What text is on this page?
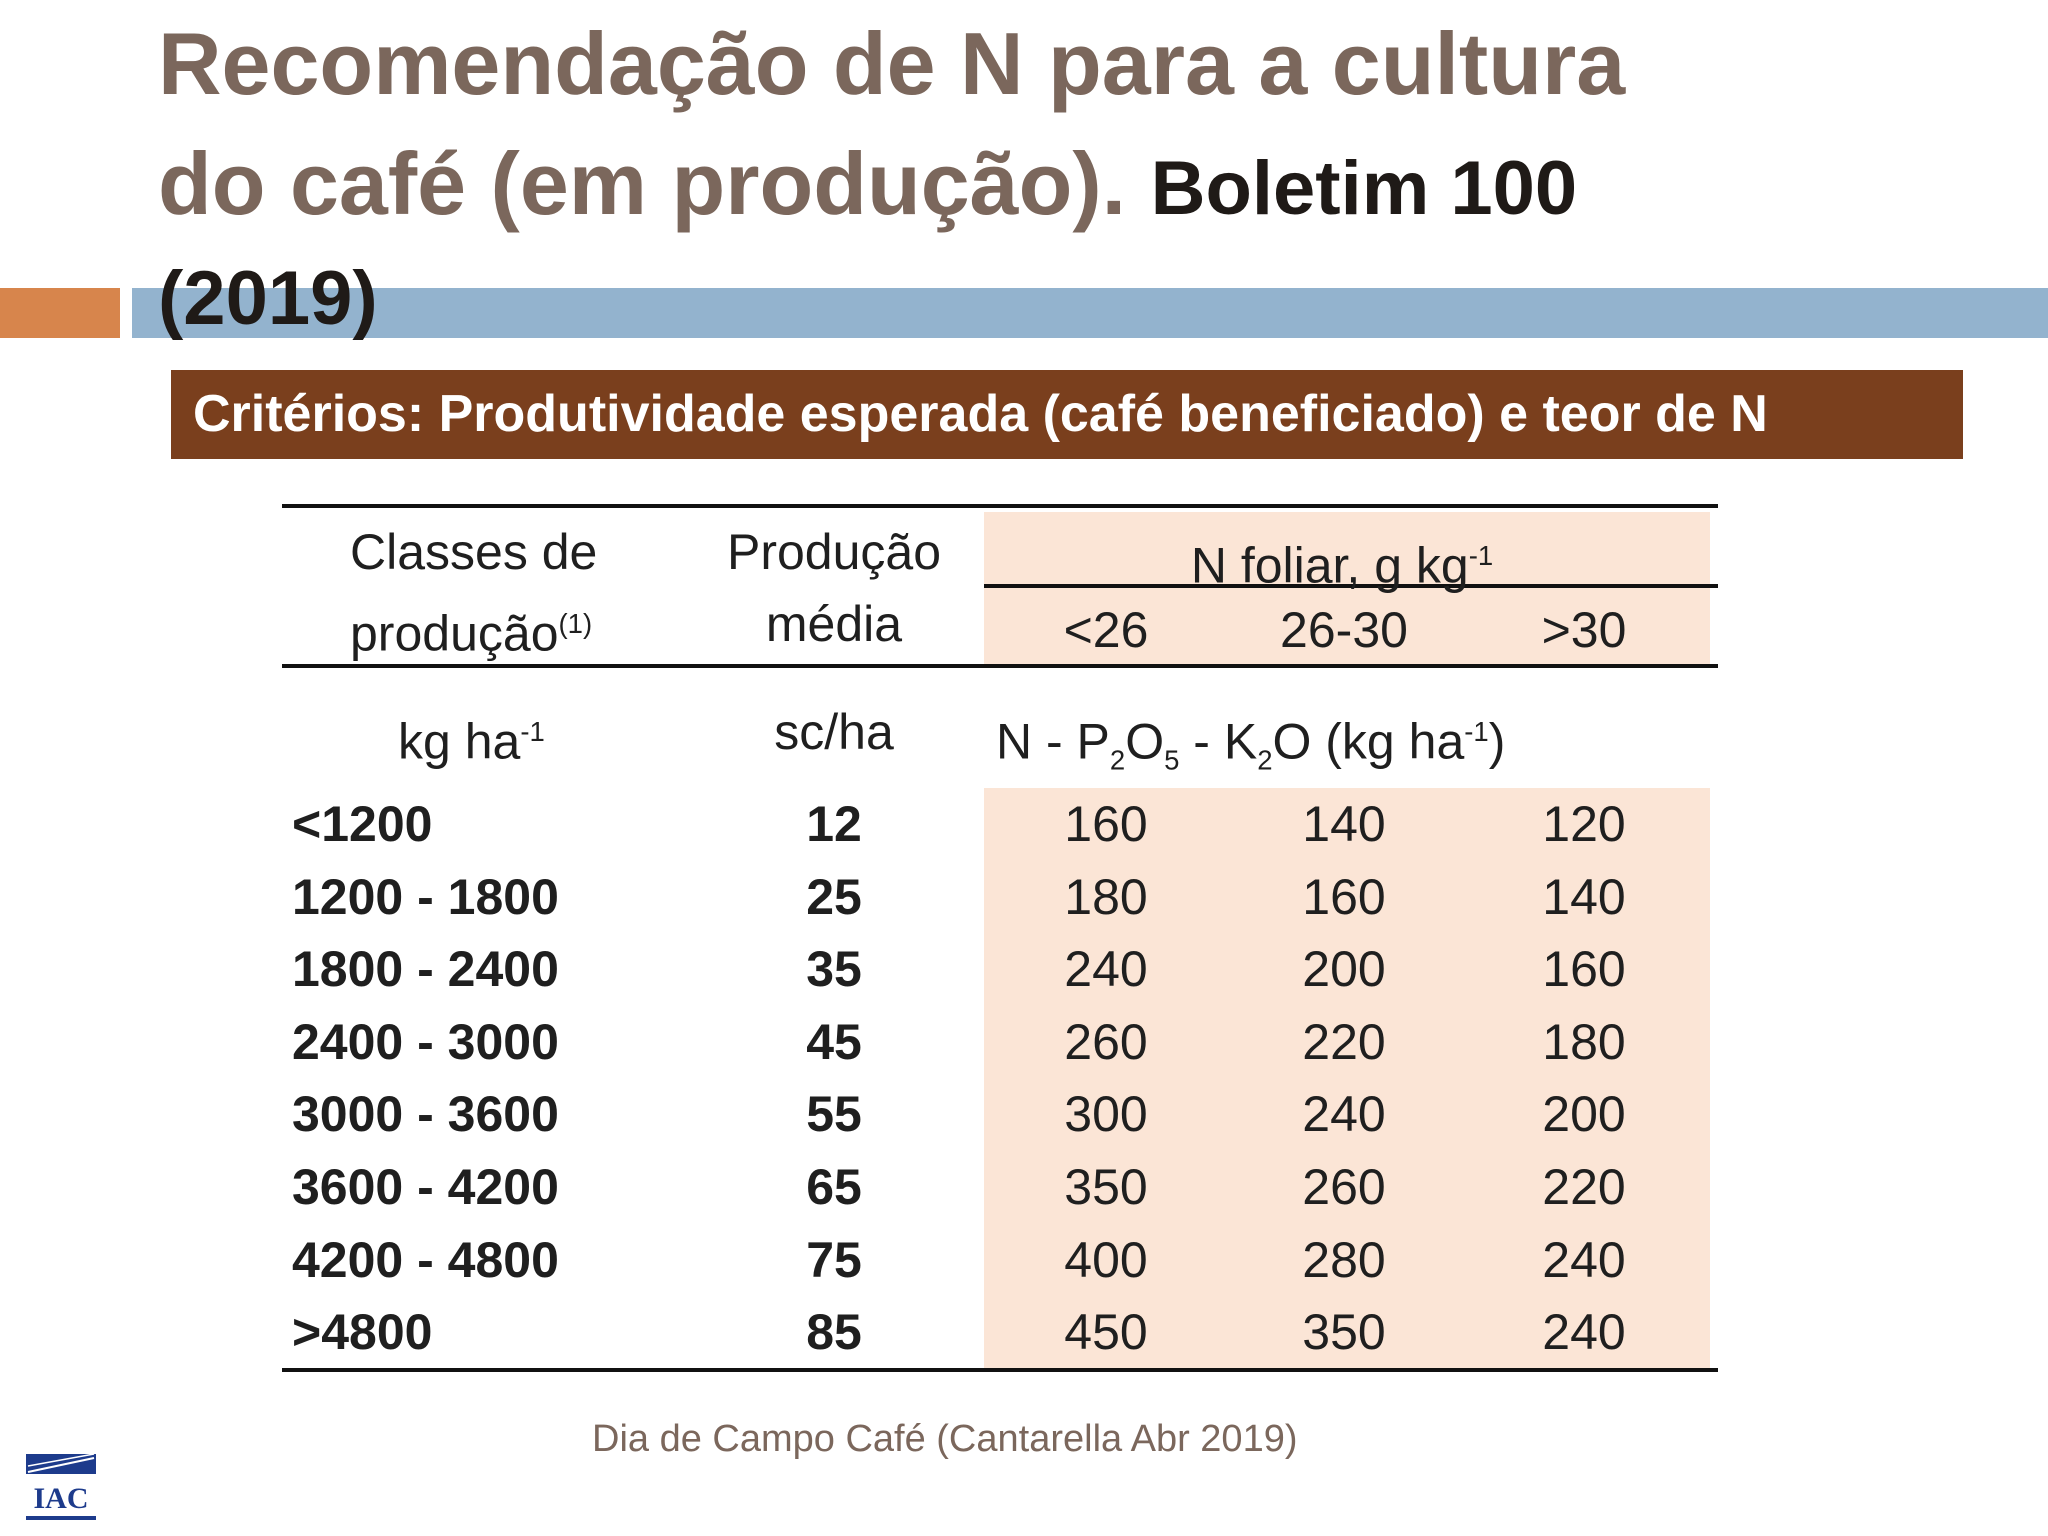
Recomendação de N para a cultura
do café (em produção). Boletim 100
(2019)
Critérios: Produtividade esperada (café beneficiado) e teor de N
Classes de
produção$^{(1)}$
Produção
média
N foliar, g $kg^{-1}$
<26	26-30	>30
kg $ha^{-1}$	sc/ha N - $P_2O_5 - K_2O$ (kg $ha^{-1}$)
<1200	12	160	140	120
1200 - 1800	25	180	160	140
1800 - 2400	35	240	200	160
2400 - 3000	45	260	220	180
3000 - 3600	55	300	240	200
3600 - 4200	65	350	260	220
4200 - 4800	75	400	280	240
>4800	85	450	350	240
Dia de Campo Café (Cantarella Abr 2019)
IAC
